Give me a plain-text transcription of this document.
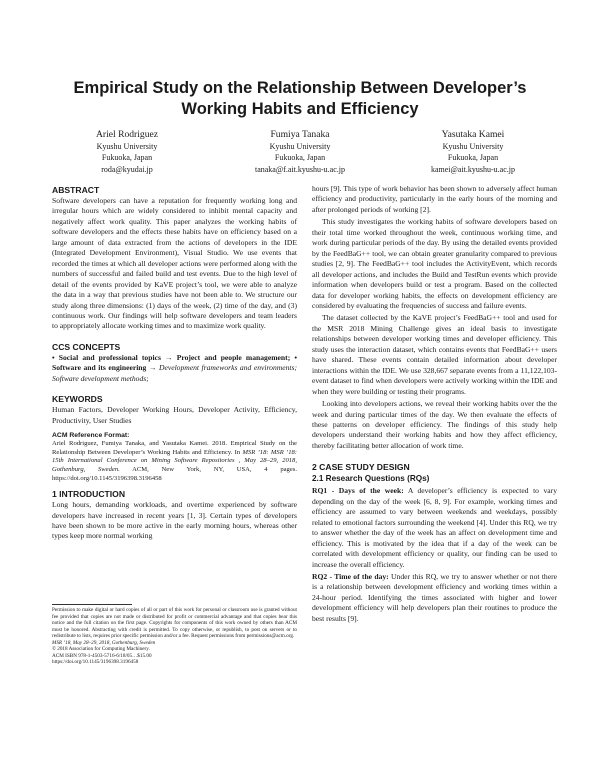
Empirical Study on the Relationship Between Developer’s Working Habits and Efficiency
Ariel Rodriguez
Kyushu University
Fukuoka, Japan
roda@kyudai.jp
Fumiya Tanaka
Kyushu University
Fukuoka, Japan
tanaka@f.ait.kyushu-u.ac.jp
Yasutaka Kamei
Kyushu University
Fukuoka, Japan
kamei@ait.kyushu-u.ac.jp
ABSTRACT

Software developers can have a reputation for frequently working long and irregular hours which are widely considered to inhibit mental capacity and negatively affect work quality. This paper analyzes the working habits of software developers and the effects these habits have on efficiency based on a large amount of data extracted from the actions of developers in the IDE (Integrated Development Environment), Visual Studio. We use events that recorded the times at which all developer actions were performed along with the numbers of successful and failed build and test events. Due to the high level of detail of the events provided by KaVE project’s tool, we were able to analyze the data in a way that previous studies have not been able to. We structure our study along three dimensions: (1) days of the week, (2) time of the day, and (3) continuous work. Our findings will help software developers and team leaders to appropriately allocate working times and to maximize work quality.

CCS CONCEPTS

• Social and professional topics → Project and people management; • Software and its engineering → Development frameworks and environments; Software development methods;

KEYWORDS

Human Factors, Developer Working Hours, Developer Activity, Efficiency, Productivity, User Studies

ACM Reference Format:

Ariel Rodriguez, Fumiya Tanaka, and Yasutaka Kamei. 2018. Empirical Study on the Relationship Between Developer’s Working Habits and Efficiency. In MSR ’18: MSR ’18: 15th International Conference on Mining Software Repositories , May 28–29, 2018, Gothenburg, Sweden. ACM, New York, NY, USA, 4 pages. https://doi.org/10.1145/3196398.3196458

1 INTRODUCTION

Long hours, demanding workloads, and overtime experienced by software developers have increased in recent years [1, 3]. Certain types of developers have been shown to be more active in the early morning hours, whereas other types keep more normal working

Permission to make digital or hard copies of all or part of this work for personal or classroom use is granted without fee provided that copies are not made or distributed for profit or commercial advantage and that copies bear this notice and the full citation on the first page. Copyrights for components of this work owned by others than ACM must be honored. Abstracting with credit is permitted. To copy otherwise, or republish, to post on servers or to redistribute to lists, requires prior specific permission and/or a fee. Request permissions from permissions@acm.org.

MSR ’18, May 28–29, 2018, Gothenburg, Sweden
© 2018 Association for Computing Machinery.
ACM ISBN 978-1-4503-5716-6/18/05…$15.00
https://doi.org/10.1145/3196398.3196458

hours [9]. This type of work behavior has been shown to adversely affect human efficiency and productivity, particularly in the early hours of the morning and after prolonged periods of working [2].

This study investigates the working habits of software developers based on their total time worked throughout the week, continuous working time, and work during particular periods of the day. By using the detailed events provided by the FeedBaG++ tool, we can obtain greater granularity compared to previous studies [2, 9]. The FeedBaG++ tool includes the ActivityEvent, which records all developer actions, and includes the Build and TestRun events which provide information when developers build or test a program. Based on the collected data for developer working habits, the effects on development efficiency are considered by evaluating the frequencies of success and failure events.

The dataset collected by the KaVE project’s FeedBaG++ tool and used for the MSR 2018 Mining Challenge gives an ideal basis to investigate relationships between developer working times and developer efficiency. This study uses the interaction dataset, which contains events that FeedBaG++ users have shared. These events contain detailed information about developer interactions within the IDE. We use 328,667 separate events from a 11,122,103-event dataset to find when developers were actively working within the IDE and when they were building or testing their programs.

Looking into developers actions, we reveal their working habits over the the week and during particular times of the day. We then evaluate the effects of these patterns on developer efficiency. The findings of this study help developers understand their working habits and how they affect efficiency, thereby facilitating better allocation of work time.

2 CASE STUDY DESIGN
2.1 Research Questions (RQs)

RQ1 - Days of the week: A developer’s efficiency is expected to vary depending on the day of the week [6, 8, 9]. For example, working times and efficiency are assumed to vary between weekends and weekdays, possibly related to emotional factors surrounding the weekend [4]. Under this RQ, we try to answer whether the day of the week has an affect on development time and efficiency. This is motivated by the idea that if a day of the week can be correlated with development efficiency or quality, our finding can be used to increase the overall efficiency.

RQ2 - Time of the day: Under this RQ, we try to answer whether or not there is a relationship between development efficiency and working times within a 24-hour period. Identifying the times associated with higher and lower development efficiency will help developers plan their routines to produce the best results [9].
